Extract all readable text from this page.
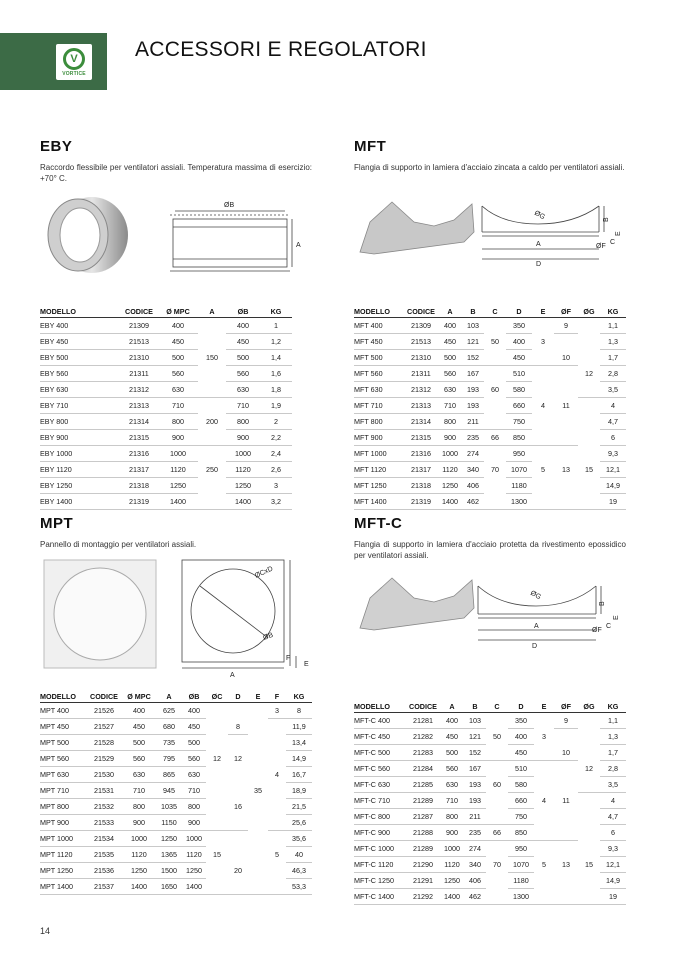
V
VORTICE
ACCESSORI E REGOLATORI
EBY
Raccordo flessibile per ventilatori assiali. Temperatura massima di esercizio: +70° C.
ØB
A
MODELLO	CODICE	Ø MPC	A	ØB	KG
EBY 400	21309	400		400	1
EBY 450	21513	450		450	1,2
EBY 500	21310	500	150	500	1,4
EBY 560	21311	560		560	1,6
EBY 630	21312	630		630	1,8
EBY 710	21313	710		710	1,9
EBY 800	21314	800	200	800	2
EBY 900	21315	900		900	2,2
EBY 1000	21316	1000		1000	2,4
EBY 1120	21317	1120	250	1120	2,6
EBY 1250	21318	1250		1250	3
EBY 1400	21319	1400		1400	3,2
MFT
Flangia di supporto in lamiera d'acciaio zincata a caldo per ventilatori assiali.
ØG	B
E
A	ØF
C
D
MODELLO	CODICE	A	B	C	D	E	ØF	ØG	KG
MFT 400	21309	400	103		350		9		1,1
MFT 450	21513	450	121	50	400	3			1,3
MFT 500	21310	500	152		450		10		1,7
MFT 560	21311	560	167		510			12	2,8
MFT 630	21312	630	193	60	580				3,5
MFT 710	21313	710	193		660	4	11		4
MFT 800	21314	800	211		750				4,7
MFT 900	21315	900	235	66	850				6
MFT 1000	21316	1000	274		950				9,3
MFT 1120	21317	1120	340	70	1070	5	13	15	12,1
MFT 1250	21318	1250	406		1180				14,9
MFT 1400	21319	1400	462		1300				19
MPT
Pannello di montaggio per ventilatori assiali.
ØCxD
ØB
A
F
E
MODELLO	CODICE	Ø MPC	A	ØB	ØC	D	E	F	KG
MPT 400	21526	400	625	400				3	8
MPT 450	21527	450	680	450		8			11,9
MPT 500	21528	500	735	500					13,4
MPT 560	21529	560	795	560	12	12			14,9
MPT 630	21530	630	865	630				4	16,7
MPT 710	21531	710	945	710			35		18,9
MPT 800	21532	800	1035	800		16			21,5
MPT 900	21533	900	1150	900					25,6
MPT 1000	21534	1000	1250	1000					35,6
MPT 1120	21535	1120	1365	1120	15			5	40
MPT 1250	21536	1250	1500	1250		20			46,3
MPT 1400	21537	1400	1650	1400					53,3
MFT-C
Flangia di supporto in lamiera d'acciaio protetta da rivestimento epossidico per ventilatori assiali.
ØG
B
E
A
ØF
C
D
MODELLO	CODICE	A	B	C	D	E	ØF	ØG	KG
MFT-C 400	21281	400	103		350		9		1,1
MFT-C 450	21282	450	121	50	400	3			1,3
MFT-C 500	21283	500	152		450		10		1,7
MFT-C 560	21284	560	167		510			12	2,8
MFT-C 630	21285	630	193	60	580				3,5
MFT-C 710	21289	710	193		660	4	11		4
MFT-C 800	21287	800	211		750				4,7
MFT-C 900	21288	900	235	66	850				6
MFT-C 1000	21289	1000	274		950				9,3
MFT-C 1120	21290	1120	340	70	1070	5	13	15	12,1
MFT-C 1250	21291	1250	406		1180				14,9
MFT-C 1400	21292	1400	462		1300				19
14
